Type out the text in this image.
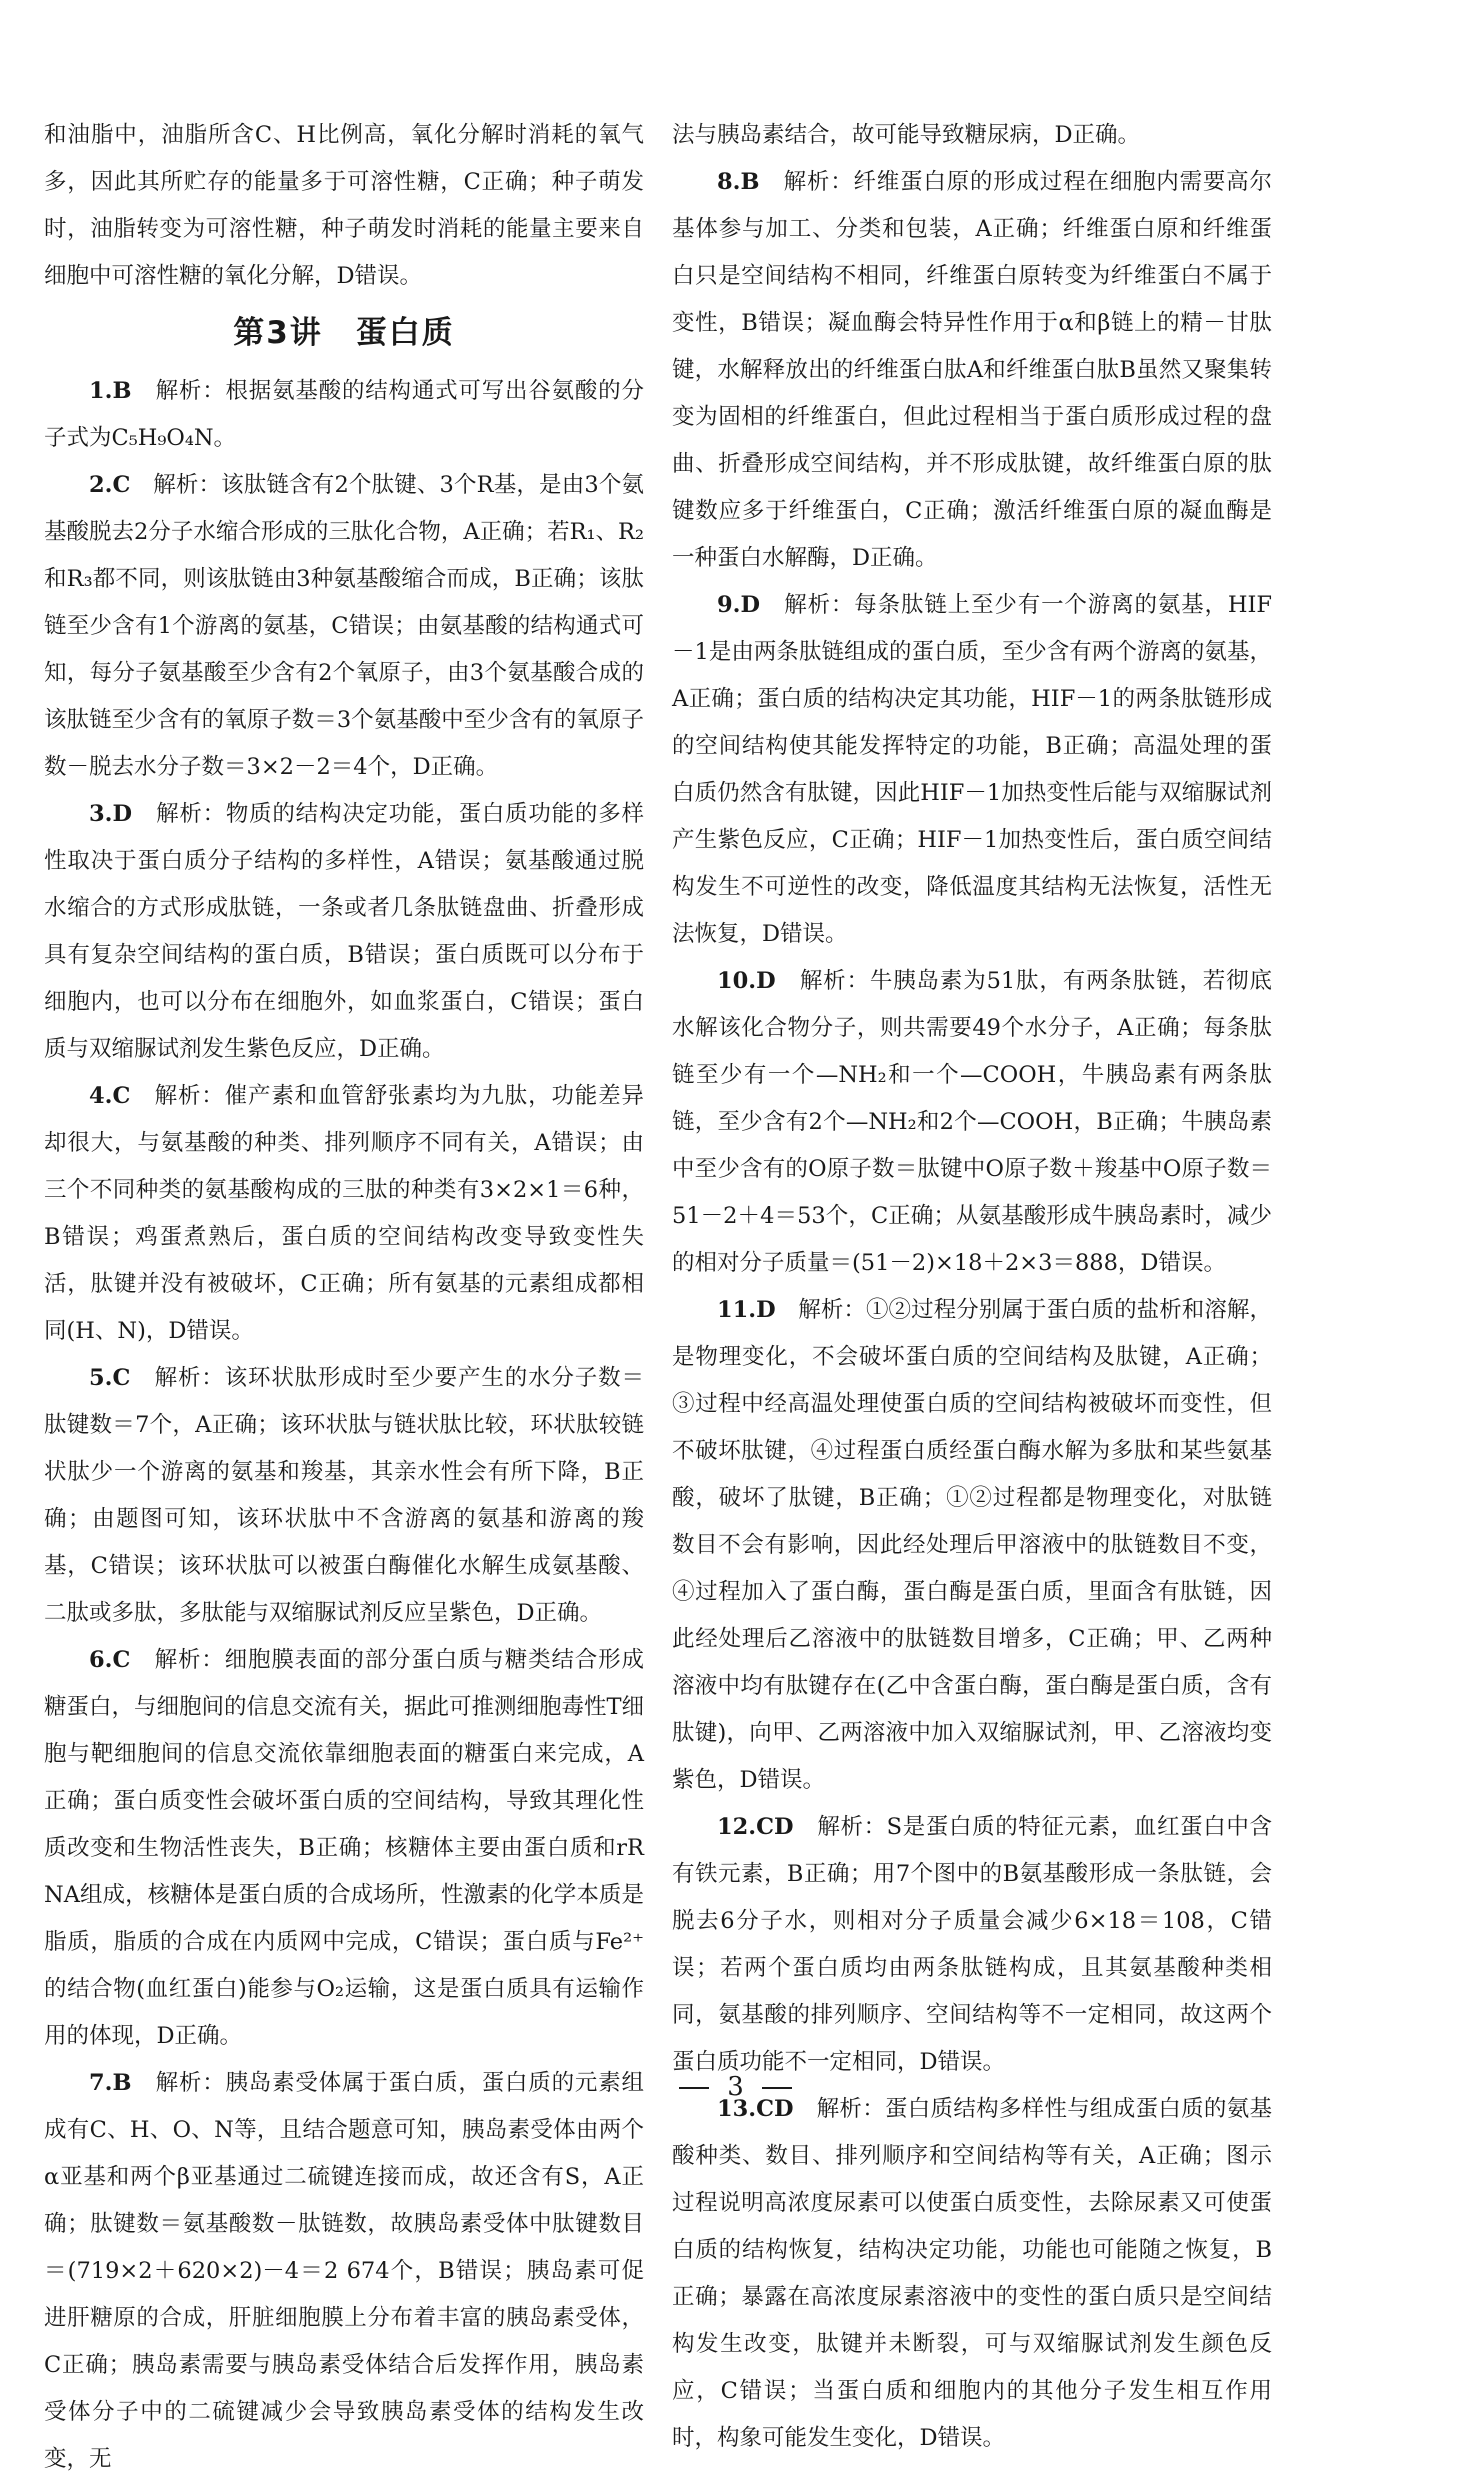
和油脂中，油脂所含C、H比例高，氧化分解时消耗的氧气多，因此其所贮存的能量多于可溶性糖，C正确；种子萌发时，油脂转变为可溶性糖，种子萌发时消耗的能量主要来自细胞中可溶性糖的氧化分解，D错误。

第3讲　蛋白质

1.B　 解析：根据氨基酸的结构通式可写出谷氨酸的分子式为C₅H₉O₄N。

2.C　 解析：该肽链含有2个肽键、3个R基，是由3个氨基酸脱去2分子水缩合形成的三肽化合物，A正确；若R₁、R₂和R₃都不同，则该肽链由3种氨基酸缩合而成，B正确；该肽链至少含有1个游离的氨基，C错误；由氨基酸的结构通式可知，每分子氨基酸至少含有2个氧原子，由3个氨基酸合成的该肽链至少含有的氧原子数＝3个氨基酸中至少含有的氧原子数－脱去水分子数＝3×2－2＝4个，D正确。

3.D　 解析：物质的结构决定功能，蛋白质功能的多样性取决于蛋白质分子结构的多样性，A错误；氨基酸通过脱水缩合的方式形成肽链，一条或者几条肽链盘曲、折叠形成具有复杂空间结构的蛋白质，B错误；蛋白质既可以分布于细胞内，也可以分布在细胞外，如血浆蛋白，C错误；蛋白质与双缩脲试剂发生紫色反应，D正确。

4.C　 解析：催产素和血管舒张素均为九肽，功能差异却很大，与氨基酸的种类、排列顺序不同有关，A错误；由三个不同种类的氨基酸构成的三肽的种类有3×2×1＝6种，B错误；鸡蛋煮熟后，蛋白质的空间结构改变导致变性失活，肽键并没有被破坏，C正确；所有氨基的元素组成都相同(H、N)，D错误。

5.C　 解析：该环状肽形成时至少要产生的水分子数＝肽键数＝7个，A正确；该环状肽与链状肽比较，环状肽较链状肽少一个游离的氨基和羧基，其亲水性会有所下降，B正确；由题图可知，该环状肽中不含游离的氨基和游离的羧基，C错误；该环状肽可以被蛋白酶催化水解生成氨基酸、二肽或多肽，多肽能与双缩脲试剂反应呈紫色，D正确。

6.C　 解析：细胞膜表面的部分蛋白质与糖类结合形成糖蛋白，与细胞间的信息交流有关，据此可推测细胞毒性T细胞与靶细胞间的信息交流依靠细胞表面的糖蛋白来完成，A正确；蛋白质变性会破坏蛋白质的空间结构，导致其理化性质改变和生物活性丧失，B正确；核糖体主要由蛋白质和rRNA组成，核糖体是蛋白质的合成场所，性激素的化学本质是脂质，脂质的合成在内质网中完成，C错误；蛋白质与Fe²⁺的结合物(血红蛋白)能参与O₂运输，这是蛋白质具有运输作用的体现，D正确。

7.B　 解析：胰岛素受体属于蛋白质，蛋白质的元素组成有C、H、O、N等，且结合题意可知，胰岛素受体由两个α亚基和两个β亚基通过二硫键连接而成，故还含有S，A正确；肽键数＝氨基酸数－肽链数，故胰岛素受体中肽键数目＝(719×2＋620×2)－4＝2 674个，B错误；胰岛素可促进肝糖原的合成，肝脏细胞膜上分布着丰富的胰岛素受体，C正确；胰岛素需要与胰岛素受体结合后发挥作用，胰岛素受体分子中的二硫键减少会导致胰岛素受体的结构发生改变，无

法与胰岛素结合，故可能导致糖尿病，D正确。

8.B　 解析：纤维蛋白原的形成过程在细胞内需要高尔基体参与加工、分类和包装，A正确；纤维蛋白原和纤维蛋白只是空间结构不相同，纤维蛋白原转变为纤维蛋白不属于变性，B错误；凝血酶会特异性作用于α和β链上的精－甘肽键，水解释放出的纤维蛋白肽A和纤维蛋白肽B虽然又聚集转变为固相的纤维蛋白，但此过程相当于蛋白质形成过程的盘曲、折叠形成空间结构，并不形成肽键，故纤维蛋白原的肽键数应多于纤维蛋白，C正确；激活纤维蛋白原的凝血酶是一种蛋白水解酶，D正确。

9.D　 解析：每条肽链上至少有一个游离的氨基，HIF－1是由两条肽链组成的蛋白质，至少含有两个游离的氨基，A正确；蛋白质的结构决定其功能，HIF－1的两条肽链形成的空间结构使其能发挥特定的功能，B正确；高温处理的蛋白质仍然含有肽键，因此HIF－1加热变性后能与双缩脲试剂产生紫色反应，C正确；HIF－1加热变性后，蛋白质空间结构发生不可逆性的改变，降低温度其结构无法恢复，活性无法恢复，D错误。

10.D　 解析：牛胰岛素为51肽，有两条肽链，若彻底水解该化合物分子，则共需要49个水分子，A正确；每条肽链至少有一个—NH₂和一个—COOH，牛胰岛素有两条肽链，至少含有2个—NH₂和2个—COOH，B正确；牛胰岛素中至少含有的O原子数＝肽键中O原子数＋羧基中O原子数＝51－2＋4＝53个，C正确；从氨基酸形成牛胰岛素时，减少的相对分子质量＝(51－2)×18＋2×3＝888，D错误。

11.D　 解析：①②过程分别属于蛋白质的盐析和溶解，是物理变化，不会破坏蛋白质的空间结构及肽键，A正确；③过程中经高温处理使蛋白质的空间结构被破坏而变性，但不破坏肽键，④过程蛋白质经蛋白酶水解为多肽和某些氨基酸，破坏了肽键，B正确；①②过程都是物理变化，对肽链数目不会有影响，因此经处理后甲溶液中的肽链数目不变，④过程加入了蛋白酶，蛋白酶是蛋白质，里面含有肽链，因此经处理后乙溶液中的肽链数目增多，C正确；甲、乙两种溶液中均有肽键存在(乙中含蛋白酶，蛋白酶是蛋白质，含有肽键)，向甲、乙两溶液中加入双缩脲试剂，甲、乙溶液均变紫色，D错误。

12.CD　 解析：S是蛋白质的特征元素，血红蛋白中含有铁元素，B正确；用7个图中的B氨基酸形成一条肽链，会脱去6分子水，则相对分子质量会减少6×18＝108，C错误；若两个蛋白质均由两条肽链构成，且其氨基酸种类相同，氨基酸的排列顺序、空间结构等不一定相同，故这两个蛋白质功能不一定相同，D错误。

13.CD　 解析：蛋白质结构多样性与组成蛋白质的氨基酸种类、数目、排列顺序和空间结构等有关，A正确；图示过程说明高浓度尿素可以使蛋白质变性，去除尿素又可使蛋白质的结构恢复，结构决定功能，功能也可能随之恢复，B正确；暴露在高浓度尿素溶液中的变性的蛋白质只是空间结构发生改变，肽键并未断裂，可与双缩脲试剂发生颜色反应，C错误；当蛋白质和细胞内的其他分子发生相互作用时，构象可能发生变化，D错误。

3
